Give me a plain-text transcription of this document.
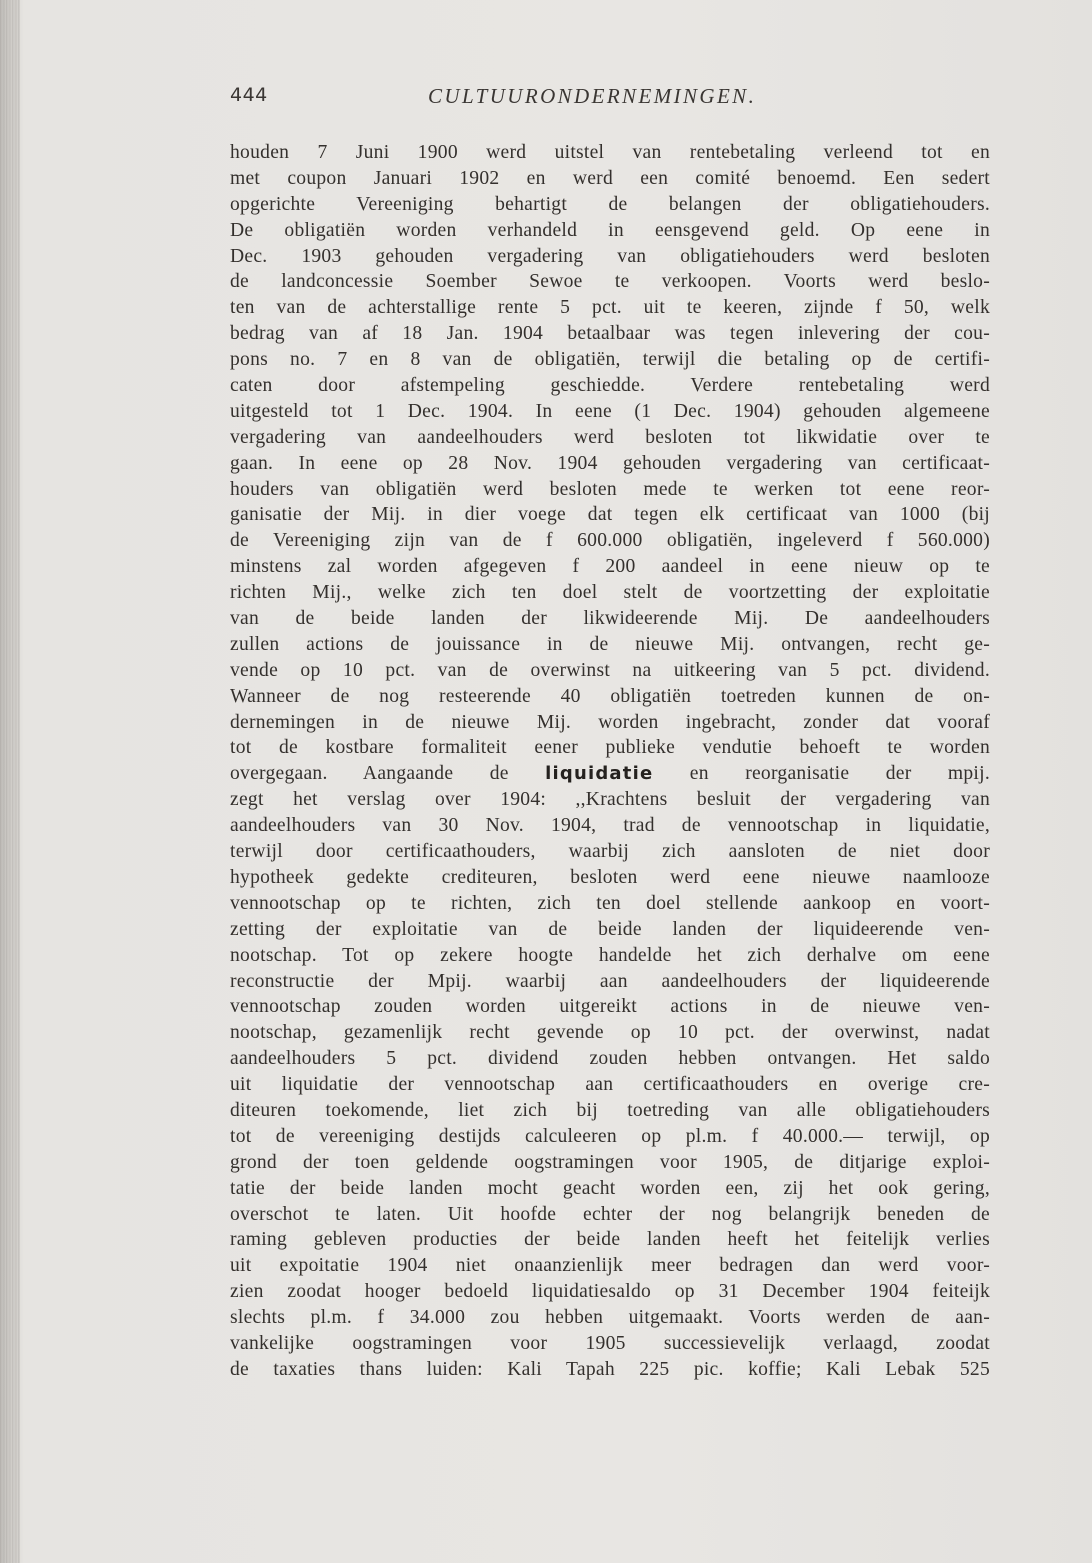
444	CULTUURONDERNEMINGEN.
houden 7 Juni 1900 werd uitstel van rentebetaling verleend tot en
met coupon Januari 1902 en werd een comité benoemd. Een sedert
opgerichte Vereeniging behartigt de belangen der obligatiehouders.
De obligatiën worden verhandeld in eensgevend geld. Op eene in
Dec. 1903 gehouden vergadering van obligatiehouders werd besloten
de landconcessie Soember Sewoe te verkoopen. Voorts werd beslo-
ten van de achterstallige rente 5 pct. uit te keeren, zijnde f 50, welk
bedrag van af 18 Jan. 1904 betaalbaar was tegen inlevering der cou-
pons no. 7 en 8 van de obligatiën, terwijl die betaling op de certifi-
caten door afstempeling geschiedde. Verdere rentebetaling werd
uitgesteld tot 1 Dec. 1904. In eene (1 Dec. 1904) gehouden algemeene
vergadering van aandeelhouders werd besloten tot likwidatie over te
gaan. In eene op 28 Nov. 1904 gehouden vergadering van certificaat-
houders van obligatiën werd besloten mede te werken tot eene reor-
ganisatie der Mij. in dier voege dat tegen elk certificaat van 1000 (bij
de Vereeniging zijn van de f 600.000 obligatiën, ingeleverd f 560.000)
minstens zal worden afgegeven f 200 aandeel in eene nieuw op te
richten Mij., welke zich ten doel stelt de voortzetting der exploitatie
van de beide landen der likwideerende Mij. De aandeelhouders
zullen actions de jouissance in de nieuwe Mij. ontvangen, recht ge-
vende op 10 pct. van de overwinst na uitkeering van 5 pct. dividend.
Wanneer de nog resteerende 40 obligatiën toetreden kunnen de on-
dernemingen in de nieuwe Mij. worden ingebracht, zonder dat vooraf
tot de kostbare formaliteit eener publieke vendutie behoeft te worden
overgegaan. Aangaande de liquidatie en reorganisatie der mpij.
zegt het verslag over 1904: ,,Krachtens besluit der vergadering van
aandeelhouders van 30 Nov. 1904, trad de vennootschap in liquidatie,
terwijl door certificaathouders, waarbij zich aansloten de niet door
hypotheek gedekte crediteuren, besloten werd eene nieuwe naamlooze
vennootschap op te richten, zich ten doel stellende aankoop en voort-
zetting der exploitatie van de beide landen der liquideerende ven-
nootschap. Tot op zekere hoogte handelde het zich derhalve om eene
reconstructie der Mpij. waarbij aan aandeelhouders der liquideerende
vennootschap zouden worden uitgereikt actions in de nieuwe ven-
nootschap, gezamenlijk recht gevende op 10 pct. der overwinst, nadat
aandeelhouders 5 pct. dividend zouden hebben ontvangen. Het saldo
uit liquidatie der vennootschap aan certificaathouders en overige cre-
diteuren toekomende, liet zich bij toetreding van alle obligatiehouders
tot de vereeniging destijds calculeeren op pl.m. f 40.000.— terwijl, op
grond der toen geldende oogstramingen voor 1905, de ditjarige exploi-
tatie der beide landen mocht geacht worden een, zij het ook gering,
overschot te laten. Uit hoofde echter der nog belangrijk beneden de
raming gebleven producties der beide landen heeft het feitelijk verlies
uit expoitatie 1904 niet onaanzienlijk meer bedragen dan werd voor-
zien zoodat hooger bedoeld liquidatiesaldo op 31 December 1904 feiteijk
slechts pl.m. f 34.000 zou hebben uitgemaakt. Voorts werden de aan-
vankelijke oogstramingen voor 1905 successievelijk verlaagd, zoodat
de taxaties thans luiden: Kali Tapah 225 pic. koffie; Kali Lebak 525
